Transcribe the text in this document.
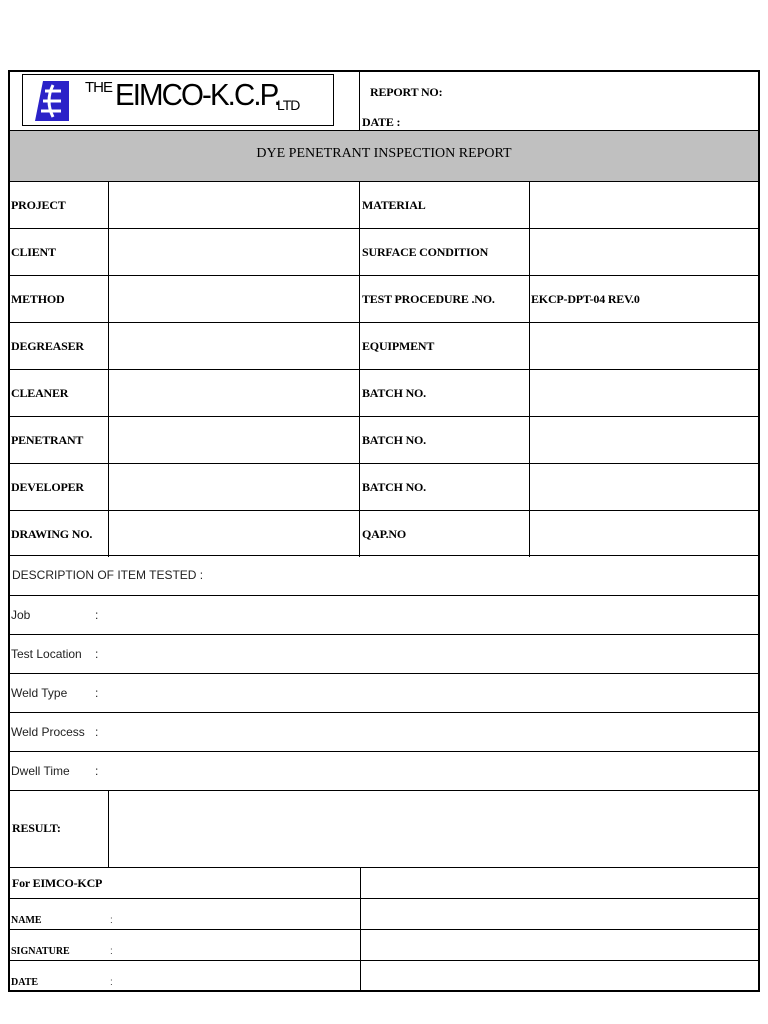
THE EIMCO-K.C.P.
LTD
REPORT NO:
DATE :
DYE PENETRANT INSPECTION REPORT
PROJECT	MATERIAL
CLIENT	SURFACE CONDITION
METHOD	TEST PROCEDURE .NO.	EKCP-DPT-04 REV.0
DEGREASER	EQUIPMENT
CLEANER	BATCH NO.
PENETRANT	BATCH NO.
DEVELOPER	BATCH NO.
DRAWING NO.	QAP.NO
DESCRIPTION OF ITEM TESTED :
Job	:
Test Location :
Weld Type :
Weld Process :
Dwell Time :
RESULT:
For EIMCO-KCP
NAME	:
SIGNATURE	:
DATE	:
